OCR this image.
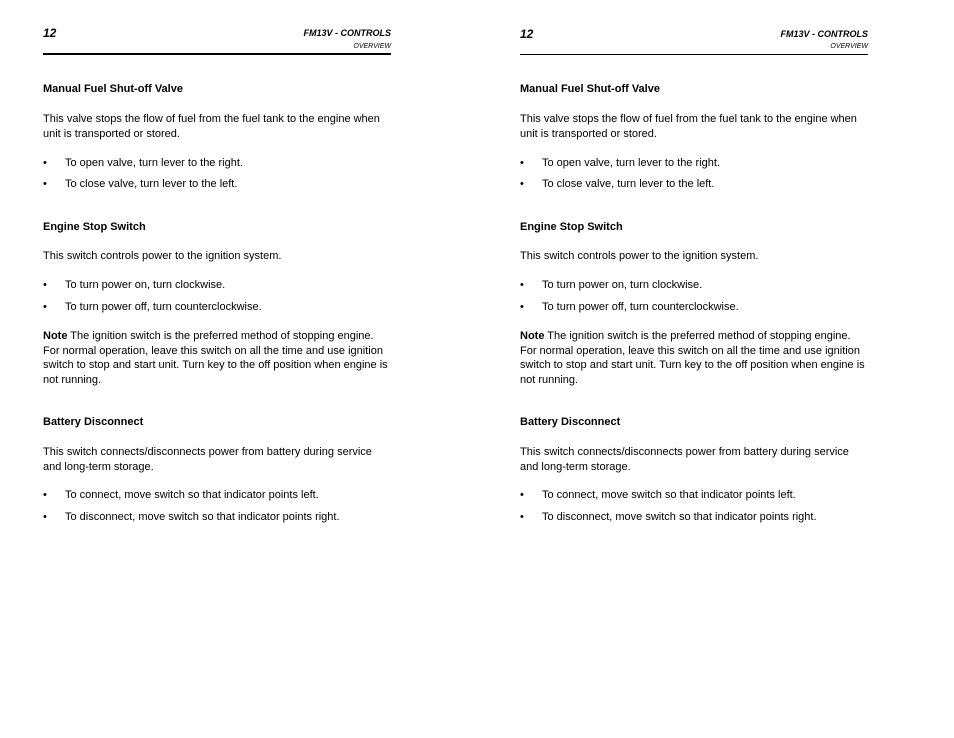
12	FM13V - CONTROLS
OVERVIEW
Manual Fuel Shut-off Valve
This valve stops the flow of fuel from the fuel tank to the engine when unit is transported or stored.
• To open valve, turn lever to the right.
• To close valve, turn lever to the left.
Engine Stop Switch
This switch controls power to the ignition system.
• To turn power on, turn clockwise.
• To turn power off, turn counterclockwise.
Note The ignition switch is the preferred method of stopping engine. For normal operation, leave this switch on all the time and use ignition switch to stop and start unit. Turn key to the off position when engine is not running.
Battery Disconnect
This switch connects/disconnects power from battery during service and long-term storage.
• To connect, move switch so that indicator points left.
• To disconnect, move switch so that indicator points right.
12	FM13V - CONTROLS
OVERVIEW
Manual Fuel Shut-off Valve
This valve stops the flow of fuel from the fuel tank to the engine when unit is transported or stored.
• To open valve, turn lever to the right.
• To close valve, turn lever to the left.
Engine Stop Switch
This switch controls power to the ignition system.
• To turn power on, turn clockwise.
• To turn power off, turn counterclockwise.
Note The ignition switch is the preferred method of stopping engine. For normal operation, leave this switch on all the time and use ignition switch to stop and start unit. Turn key to the off position when engine is not running.
Battery Disconnect
This switch connects/disconnects power from battery during service and long-term storage.
• To connect, move switch so that indicator points left.
• To disconnect, move switch so that indicator points right.
